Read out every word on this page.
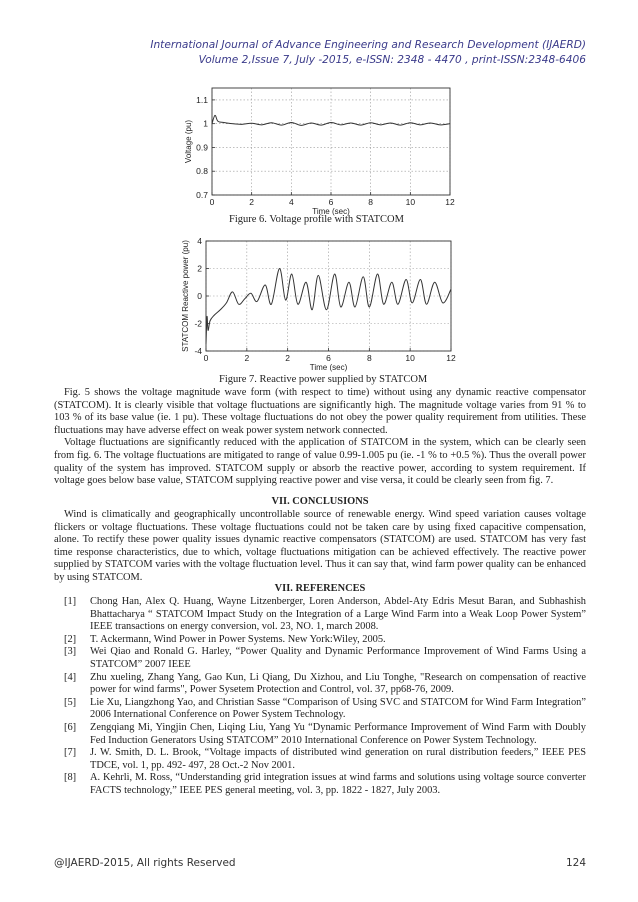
International Journal of Advance Engineering and Research Development (IJAERD)
Volume 2,Issue 7, July -2015, e-ISSN: 2348 - 4470 , print-ISSN:2348-6406
0	2	4	6	8	10	12
0.7
0.8
0.9
1
1.1
Time (sec)
Voltage (pu)
0	2	2	6	8	10	12
-4
-2
0
2
4
Time (sec)
STATCOM Reactive power (pu)
Figure 6. Voltage profile with STATCOM
Figure 7. Reactive power supplied by STATCOM

Fig. 5 shows the voltage magnitude wave form (with respect to time) without using any dynamic reactive compensator (STATCOM). It is clearly visible that voltage fluctuations are significantly high. The magnitude voltage varies from 91 % to 103 % of its base value (ie. 1 pu). These voltage fluctuations do not obey the power quality requirement from utilities. These fluctuations may have adverse effect on weak power system network connected.

Voltage fluctuations are significantly reduced with the application of STATCOM in the system, which can be clearly seen from fig. 6. The voltage fluctuations are mitigated to range of value 0.99-1.005 pu (ie. -1 % to +0.5 %). Thus the overall power quality of the system has improved. STATCOM supply or absorb the reactive power, according to system requirement. If voltage goes below base value, STATCOM supplying reactive power and vise versa, it could be clearly seen from fig. 7.

VII. CONCLUSIONS

Wind is climatically and geographically uncontrollable source of renewable energy. Wind speed variation causes voltage flickers or voltage fluctuations. These voltage fluctuations could not be taken care by using fixed capacitive compensation, alone. To rectify these power quality issues dynamic reactive compensators (STATCOM) are used. STATCOM has very fast time response characteristics, due to which, voltage fluctuations mitigation can be achieved effectively. The reactive power supplied by STATCOM varies with the voltage fluctuation level. Thus it can say that, wind farm power quality can be enhanced by using STATCOM.

VII. REFERENCES
[1]	Chong Han, Alex Q. Huang, Wayne Litzenberger, Loren Anderson, Abdel-Aty Edris Mesut Baran, and Subhashish Bhattacharya “ STATCOM Impact Study on the Integration of a Large Wind Farm into a Weak Loop Power System” IEEE transactions on energy conversion, vol. 23, NO. 1, march 2008.
[2]	T. Ackermann, Wind Power in Power Systems. New York:Wiley, 2005.
[3]	Wei Qiao and Ronald G. Harley, “Power Quality and Dynamic Performance Improvement of Wind Farms Using a STATCOM” 2007 IEEE
[4]	Zhu xueling, Zhang Yang, Gao Kun, Li Qiang, Du Xizhou, and Liu Tonghe, "Research on compensation of reactive power for wind farms", Power Sysetem Protection and Control, vol. 37, pp68-76, 2009.
[5]	Lie Xu, Liangzhong Yao, and Christian Sasse “Comparison of Using SVC and STATCOM for Wind Farm Integration” 2006 International Conference on Power System Technology.
[6]	Zengqiang Mi, Yingjin Chen, Liqing Liu, Yang Yu “Dynamic Performance Improvement of Wind Farm with Doubly Fed Induction Generators Using STATCOM” 2010 International Conference on Power System Technology.
[7]	J. W. Smith, D. L. Brook, “Voltage impacts of distributed wind generation on rural distribution feeders,” IEEE PES TDCE, vol. 1, pp. 492- 497, 28 Oct.-2 Nov 2001.
[8]	A. Kehrli, M. Ross, “Understanding grid integration issues at wind farms and solutions using voltage source converter FACTS technology,” IEEE PES general meeting, vol. 3, pp. 1822 - 1827, July 2003.
@IJAERD-2015, All rights Reserved	124
